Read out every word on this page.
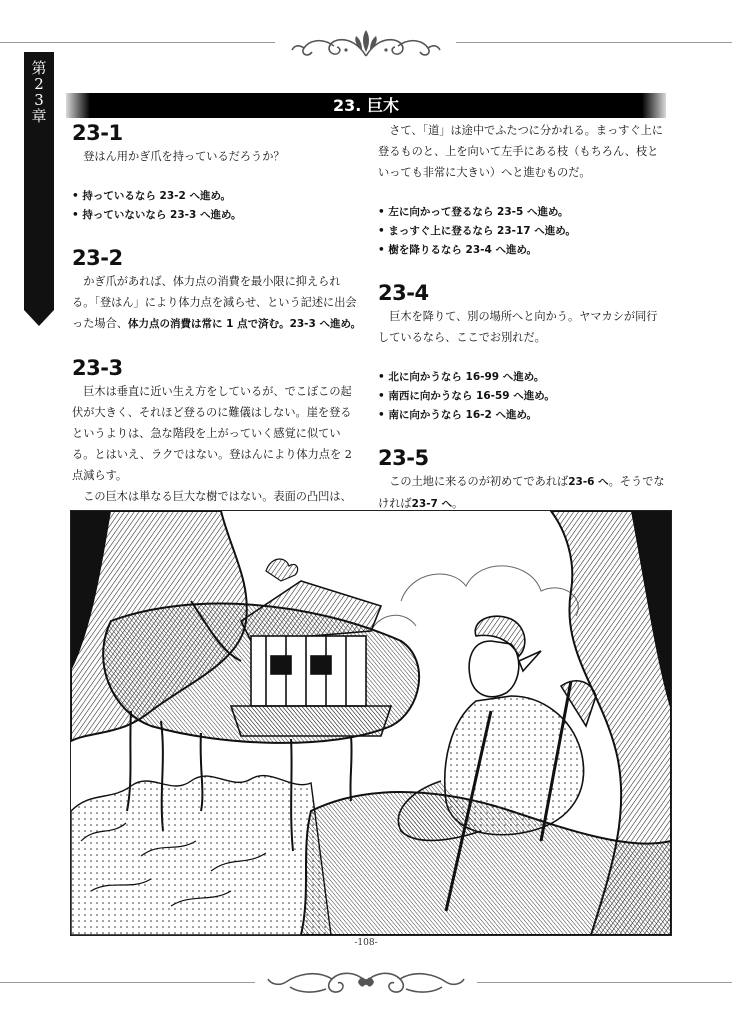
第23章
23. 巨木
23-1

登はん用かぎ爪を持っているだろうか？

• 持っているなら 23-2 へ進め。
• 持っていないなら 23-3 へ進め。
23-2

かぎ爪があれば、体力点の消費を最小限に抑えられる。「登はん」により体力点を減らせ、という記述に出会った場合、体力点の消費は常に 1 点で済む。23-3 へ進め。

23-3

巨木は垂直に近い生え方をしているが、でこぼこの起伏が大きく、それほど登るのに難儀はしない。崖を登るというよりは、急な階段を上がっていく感覚に似ている。とはいえ、ラクではない。登はんにより体力点を 2 点減らす。

この巨木は単なる巨大な樹ではない。表面の凸凹は、

さて、「道」は途中でふたつに分かれる。まっすぐ上に登るものと、上を向いて左手にある枝（もちろん、枝といっても非常に大きい）へと進むものだ。

• 左に向かって登るなら 23-5 へ進め。
• まっすぐ上に登るなら 23-17 へ進め。
• 樹を降りるなら 23-4 へ進め。
23-4

巨木を降りて、別の場所へと向かう。ヤマカシが同行しているなら、ここでお別れだ。

• 北に向かうなら 16-99 へ進め。
• 南西に向かうなら 16-59 へ進め。
• 南に向かうなら 16-2 へ進め。
23-5

この土地に来るのが初めてであれば23-6 へ。そうでなければ23-7 へ。

-108-
